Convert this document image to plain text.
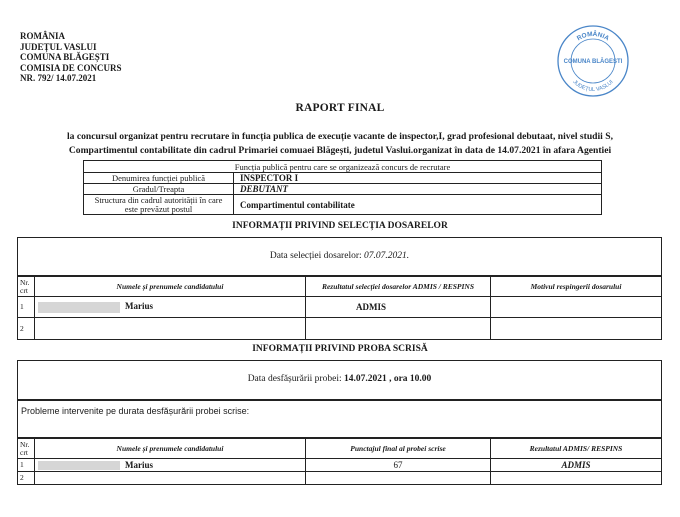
ROMÂNIA
JUDEȚUL VASLUI
COMUNA BLĂGEȘTI
COMISIA DE CONCURS
NR. 792/ 14.07.2021
ROMÂNIA
COMUNA BLĂGEȘTI
JUDEȚUL VASLUI
RAPORT FINAL
la concursul organizat pentru recrutare în funcția publica de execuție vacante de inspector,I, grad profesional debutaat, nivel studii S,
Compartimentul contabilitate din cadrul Primariei comuaei Blăgești, judetul Vaslui.organizat în data de 14.07.2021 în afara Agentiei
Funcția publică pentru care se organizează concurs de recrutare	
Denumirea funcției publică	INSPECTOR I
Gradul/Treapta	DEBUTANT
Structura din cadrul autorității în care este prevăzut postul	Compartimentul contabilitate
INFORMAȚII PRIVIND SELECȚIA DOSARELOR
Data selecției dosarelor: 07.07.2021.
Nr. crt	Numele și prenumele candidatului	Rezultatul selecției dosarelor ADMIS / RESPINS	Motivul respingerii dosarului
1	Marius	ADMIS	
2			
INFORMAȚII PRIVIND PROBA SCRISĂ
Data desfășurării probei: 14.07.2021 , ora 10.00
Probleme intervenite pe durata desfășurării probei scrise:
Nr. crt	Numele și prenumele candidatului	Punctajul final al probei scrise	Rezultatul ADMIS/ RESPINS
1	Marius	67	ADMIS
2			
